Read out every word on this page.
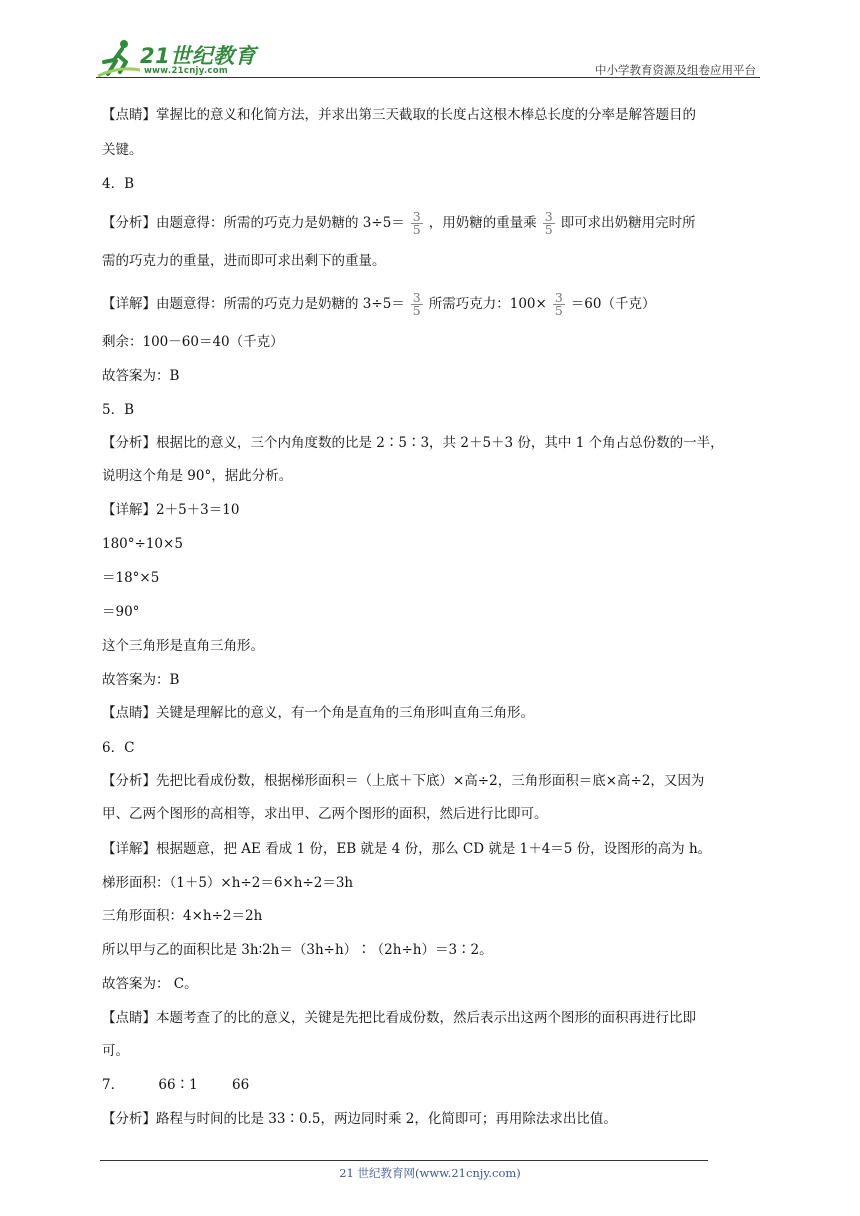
21世纪教育
www.21cnjy.com	中小学教育资源及组卷应用平台
【点睛】掌握比的意义和化简方法，并求出第三天截取的长度占这根木棒总长度的分率是解答题目的
关键。
4．B
【分析】由题意得：所需的巧克力是奶糖的 $3\div 5= \frac{3}{5}$ ，用奶糖的重量乘 $\frac{3}{5}$ 即可求出奶糖用完时所
需的巧克力的重量，进而即可求出剩下的重量。
【详解】由题意得：所需的巧克力是奶糖的 $3\div 5= \frac{3}{5}$ 所需巧克力：$100\times \frac{3}{5} =60$（千克）
剩余：100－60＝40（千克）
故答案为：B
5．B
【分析】根据比的意义，三个内角度数的比是 2∶5∶3，共 2＋5＋3 份，其中 1 个角占总份数的一半，
说明这个角是 90°，据此分析。
【详解】2＋5＋3＝10
180°÷10×5
＝18°×5
＝90°
这个三角形是直角三角形。
故答案为：B
【点睛】关键是理解比的意义，有一个角是直角的三角形叫直角三角形。
6．C
【分析】先把比看成份数，根据梯形面积＝（上底＋下底）×高÷2，三角形面积＝底×高÷2，又因为
甲、乙两个图形的高相等，求出甲、乙两个图形的面积，然后进行比即可。
【详解】根据题意，把 AE 看成 1 份，EB 就是 4 份，那么 CD 就是 1＋4＝5 份，设图形的高为 h。
梯形面积：（1＋5）×h÷2＝6×h÷2＝3h
三角形面积：4×h÷2＝2h
所以甲与乙的面积比是 3h∶2h＝（3h÷h）∶（2h÷h）＝3∶2。
故答案为： C。
【点睛】本题考查了的比的意义，关键是先把比看成份数，然后表示出这两个图形的面积再进行比即
可。
7．        66∶1        66
【分析】路程与时间的比是 33∶0.5，两边同时乘 2，化简即可；再用除法求出比值。
21 世纪教育网(www.21cnjy.com)
